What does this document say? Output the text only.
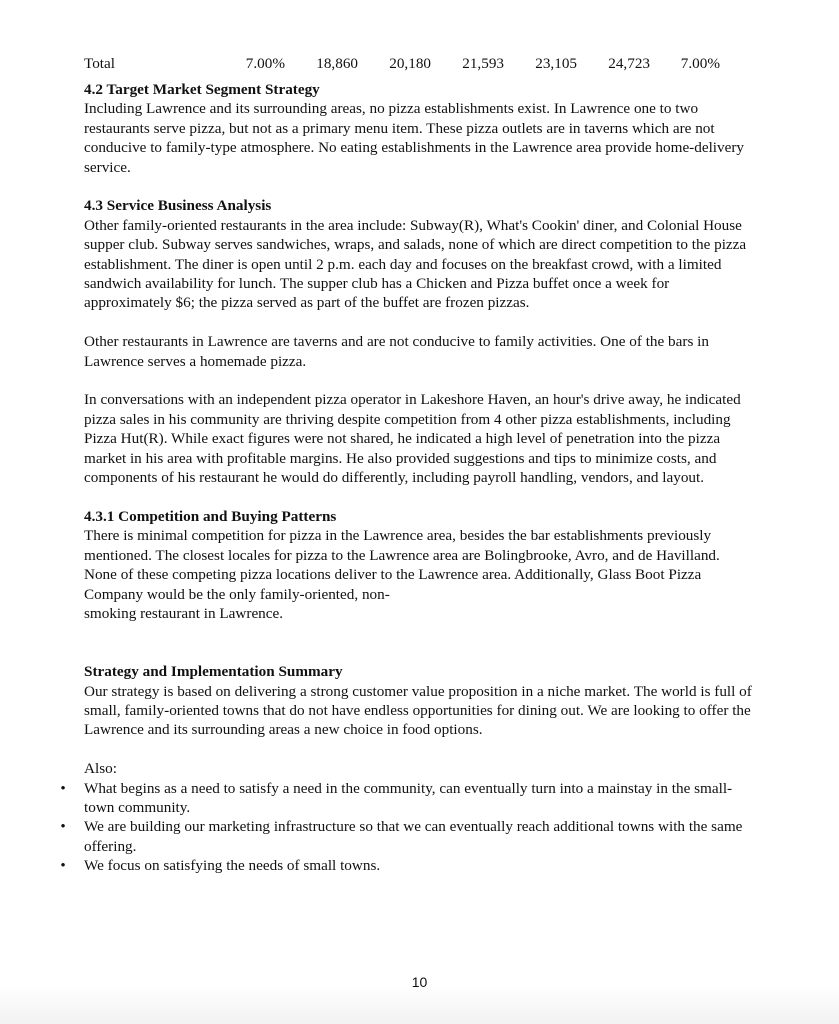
Total	7.00%	18,860	20,180	21,593	23,105	24,723	7.00%
4.2 Target Market Segment Strategy

Including Lawrence and its surrounding areas, no pizza establishments exist. In Lawrence one to two restaurants serve pizza, but not as a primary menu item. These pizza outlets are in taverns which are not conducive to family-type atmosphere. No eating establishments in the Lawrence area provide home-delivery service.

4.3 Service Business Analysis

Other family-oriented restaurants in the area include: Subway(R), What's Cookin' diner, and Colonial House supper club. Subway serves sandwiches, wraps, and salads, none of which are direct competition to the pizza establishment. The diner is open until 2 p.m. each day and focuses on the breakfast crowd, with a limited sandwich availability for lunch. The supper club has a Chicken and Pizza buffet once a week for approximately $6; the pizza served as part of the buffet are frozen pizzas.

Other restaurants in Lawrence are taverns and are not conducive to family activities. One of the bars in Lawrence serves a homemade pizza.

In conversations with an independent pizza operator in Lakeshore Haven, an hour's drive away, he indicated pizza sales in his community are thriving despite competition from 4 other pizza establishments, including Pizza Hut(R). While exact figures were not shared, he indicated a high level of penetration into the pizza market in his area with profitable margins. He also provided suggestions and tips to minimize costs, and components of his restaurant he would do differently, including payroll handling, vendors, and layout.

4.3.1 Competition and Buying Patterns

There is minimal competition for pizza in the Lawrence area, besides the bar establishments previously mentioned. The closest locales for pizza to the Lawrence area are Bolingbrooke, Avro, and de Havilland. None of these competing pizza locations deliver to the Lawrence area. Additionally, Glass Boot Pizza Company would be the only family-oriented, non-
smoking restaurant in Lawrence.

Strategy and Implementation Summary

Our strategy is based on delivering a strong customer value proposition in a niche market. The world is full of small, family-oriented towns that do not have endless opportunities for dining out. We are looking to offer the Lawrence and its surrounding areas a new choice in food options.

Also:

• What begins as a need to satisfy a need in the community, can eventually turn into a mainstay in the small-town community.
• We are building our marketing infrastructure so that we can eventually reach additional towns with the same offering.
• We focus on satisfying the needs of small towns.
10
